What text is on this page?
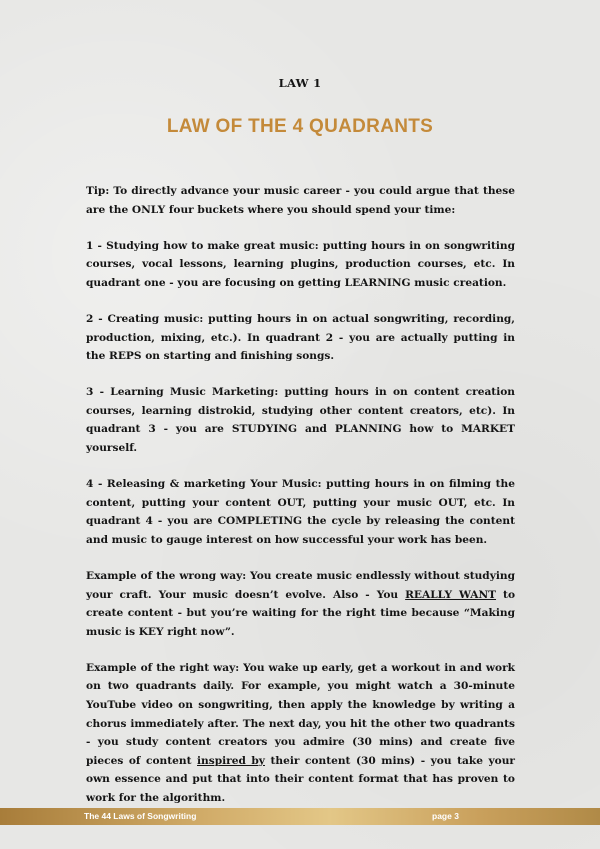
LAW 1
LAW OF THE 4 QUADRANTS

Tip: To directly advance your music career - you could argue that these are the ONLY four buckets where you should spend your time:

1 - Studying how to make great music: putting hours in on songwriting courses, vocal lessons, learning plugins, production courses, etc. In quadrant one - you are focusing on getting LEARNING music creation.

2 - Creating music: putting hours in on actual songwriting, recording, production, mixing, etc.). In quadrant 2 - you are actually putting in the REPS on starting and finishing songs.

3 - Learning Music Marketing: putting hours in on content creation courses, learning distrokid, studying other content creators, etc). In quadrant 3 - you are STUDYING and PLANNING how to MARKET yourself.

4 - Releasing & marketing Your Music: putting hours in on filming the content, putting your content OUT, putting your music OUT, etc. In quadrant 4 - you are COMPLETING the cycle by releasing the content and music to gauge interest on how successful your work has been.

Example of the wrong way: You create music endlessly without studying your craft. Your music doesn’t evolve. Also - You REALLY WANT to create content - but you’re waiting for the right time because “Making music is KEY right now”.

Example of the right way: You wake up early, get a workout in and work on two quadrants daily. For example, you might watch a 30-minute YouTube video on songwriting, then apply the knowledge by writing a chorus immediately after. The next day, you hit the other two quadrants - you study content creators you admire (30 mins) and create five pieces of content inspired by their content (30 mins) - you take your own essence and put that into their content format that has proven to work for the algorithm.

The 44 Laws of Songwriting	page 3
